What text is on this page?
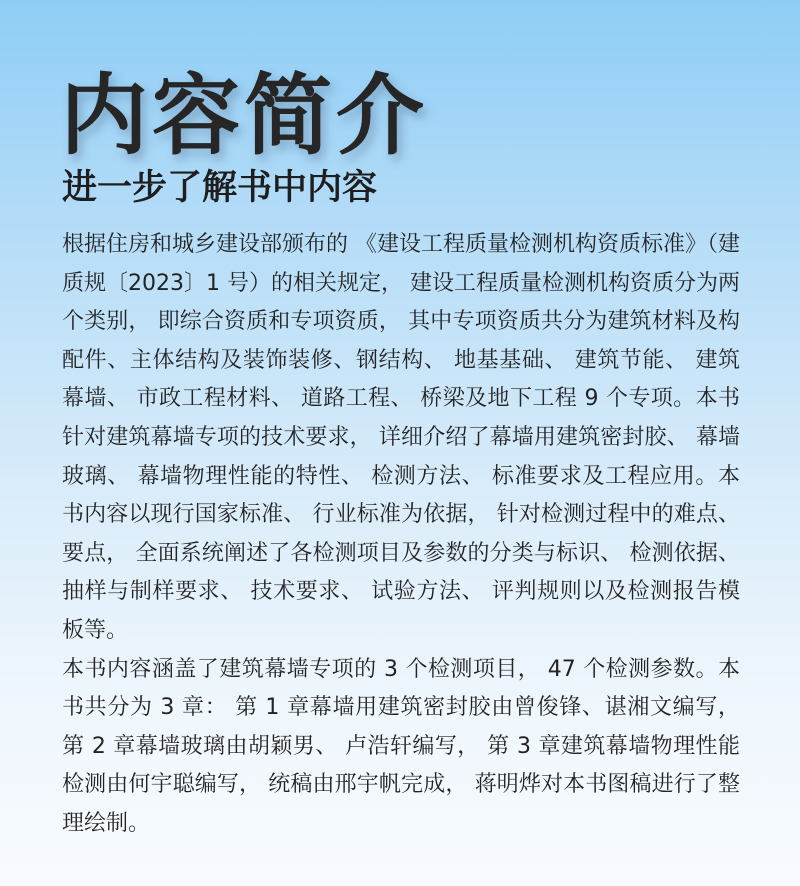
内容简介
进一步了解书中内容

根据住房和城乡建设部颁布的 《建设工程质量检测机构资质标准》（建质规〔2023〕1 号）的相关规定， 建设工程质量检测机构资质分为两个类别， 即综合资质和专项资质， 其中专项资质共分为建筑材料及构配件、主体结构及装饰装修、钢结构、 地基基础、 建筑节能、 建筑幕墙、 市政工程材料、 道路工程、 桥梁及地下工程 9 个专项。本书针对建筑幕墙专项的技术要求， 详细介绍了幕墙用建筑密封胶、 幕墙玻璃、 幕墙物理性能的特性、 检测方法、 标准要求及工程应用。本书内容以现行国家标准、 行业标准为依据， 针对检测过程中的难点、 要点， 全面系统阐述了各检测项目及参数的分类与标识、 检测依据、 抽样与制样要求、 技术要求、 试验方法、 评判规则以及检测报告模板等。

本书内容涵盖了建筑幕墙专项的 3 个检测项目， 47 个检测参数。本书共分为 3 章： 第 1 章幕墙用建筑密封胶由曾俊锋、谌湘文编写， 第 2 章幕墙玻璃由胡颖男、 卢浩轩编写， 第 3 章建筑幕墙物理性能检测由何宇聪编写， 统稿由邢宇帆完成， 蒋明烨对本书图稿进行了整理绘制。
